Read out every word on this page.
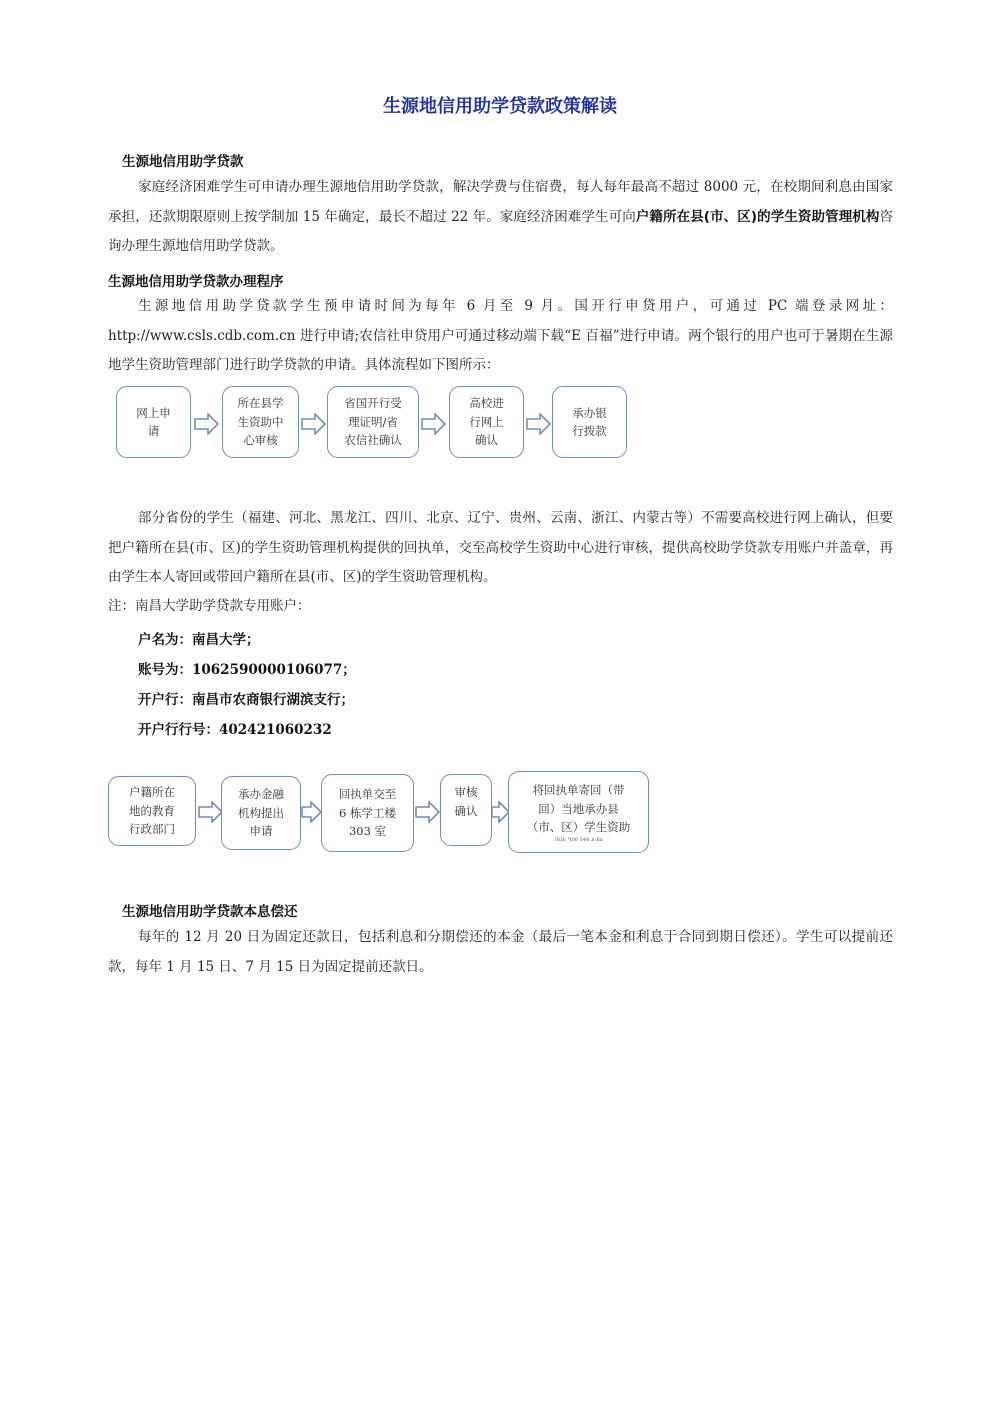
生源地信用助学贷款政策解读
生源地信用助学贷款
家庭经济困难学生可申请办理生源地信用助学贷款，解决学费与住宿费，每人每年最高不超过 8000 元，在校期间利息由国家承担，还款期限原则上按学制加 15 年确定，最长不超过 22 年。家庭经济困难学生可向户籍所在县(市、区)的学生资助管理机构咨询办理生源地信用助学贷款。
生源地信用助学贷款办理程序
生源地信用助学贷款学生预申请时间为每年 6 月至 9 月。国开行申贷用户，可通过 PC 端登录网址：http://www.csls.cdb.com.cn 进行申请;农信社申贷用户可通过移动端下载“E 百福”进行申请。两个银行的用户也可于暑期在生源地学生资助管理部门进行助学贷款的申请。具体流程如下图所示：
网上申
请
所在县学
生资助中
心审核
省国开行受
理证明/省
农信社确认
高校进
行网上
确认
承办银
行拨款
部分省份的学生（福建、河北、黑龙江、四川、北京、辽宁、贵州、云南、浙江、内蒙古等）不需要高校进行网上确认，但要把户籍所在县(市、区)的学生资助管理机构提供的回执单，交至高校学生资助中心进行审核，提供高校助学贷款专用账户并盖章，再由学生本人寄回或带回户籍所在县(市、区)的学生资助管理机构。
注：南昌大学助学贷款专用账户：
户名为：南昌大学；
账号为：1062590000106077；
开户行：南昌市农商银行湖滨支行；
开户行行号：402421060232
户籍所在
地的教育
行政部门
承办金融
机构提出
申请
回执单交至
6 栋学工楼
303 室
审核
确认
将回执单寄回（带
回）当地承办县
（市、区）学生资助
ЛОЕ Ч00 Ѕ44 Ѧ-Бх
生源地信用助学贷款本息偿还
每年的 12 月 20 日为固定还款日，包括利息和分期偿还的本金（最后一笔本金和利息于合同到期日偿还）。学生可以提前还款，每年 1 月 15 日、7 月 15 日为固定提前还款日。
